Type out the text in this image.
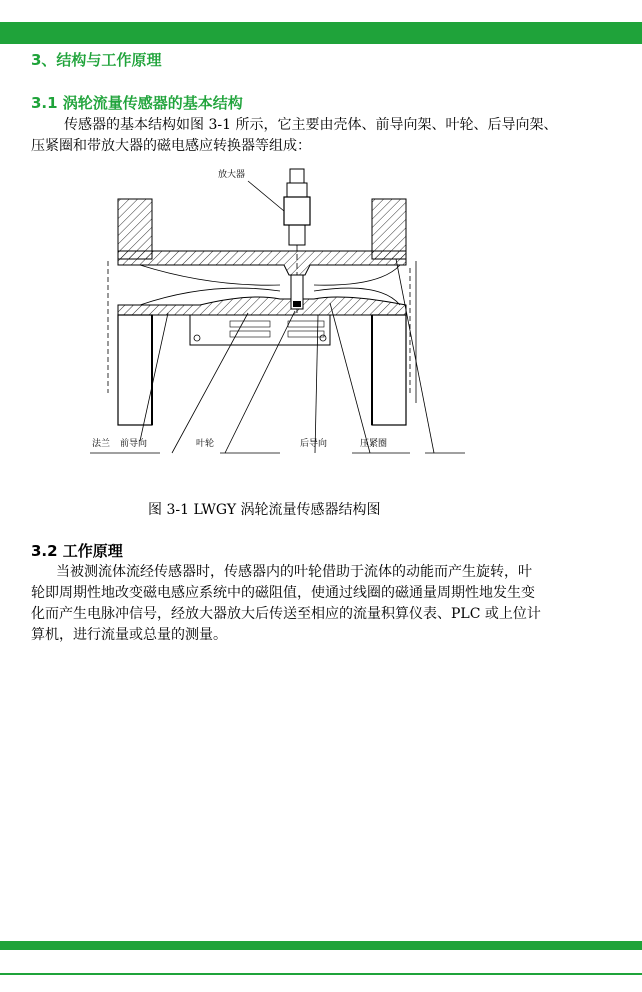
3、结构与工作原理
3.1 涡轮流量传感器的基本结构
传感器的基本结构如图 3-1 所示，它主要由壳体、前导向架、叶轮、后导向架、
压紧圈和带放大器的磁电感应转换器等组成：
放大器
法兰 前导向	叶轮	后导向	压紧圈
图 3-1 LWGY 涡轮流量传感器结构图
3.2 工作原理
当被测流体流经传感器时，传感器内的叶轮借助于流体的动能而产生旋转，叶
轮即周期性地改变磁电感应系统中的磁阻值，使通过线圈的磁通量周期性地发生变
化而产生电脉冲信号，经放大器放大后传送至相应的流量积算仪表、PLC 或上位计
算机，进行流量或总量的测量。
